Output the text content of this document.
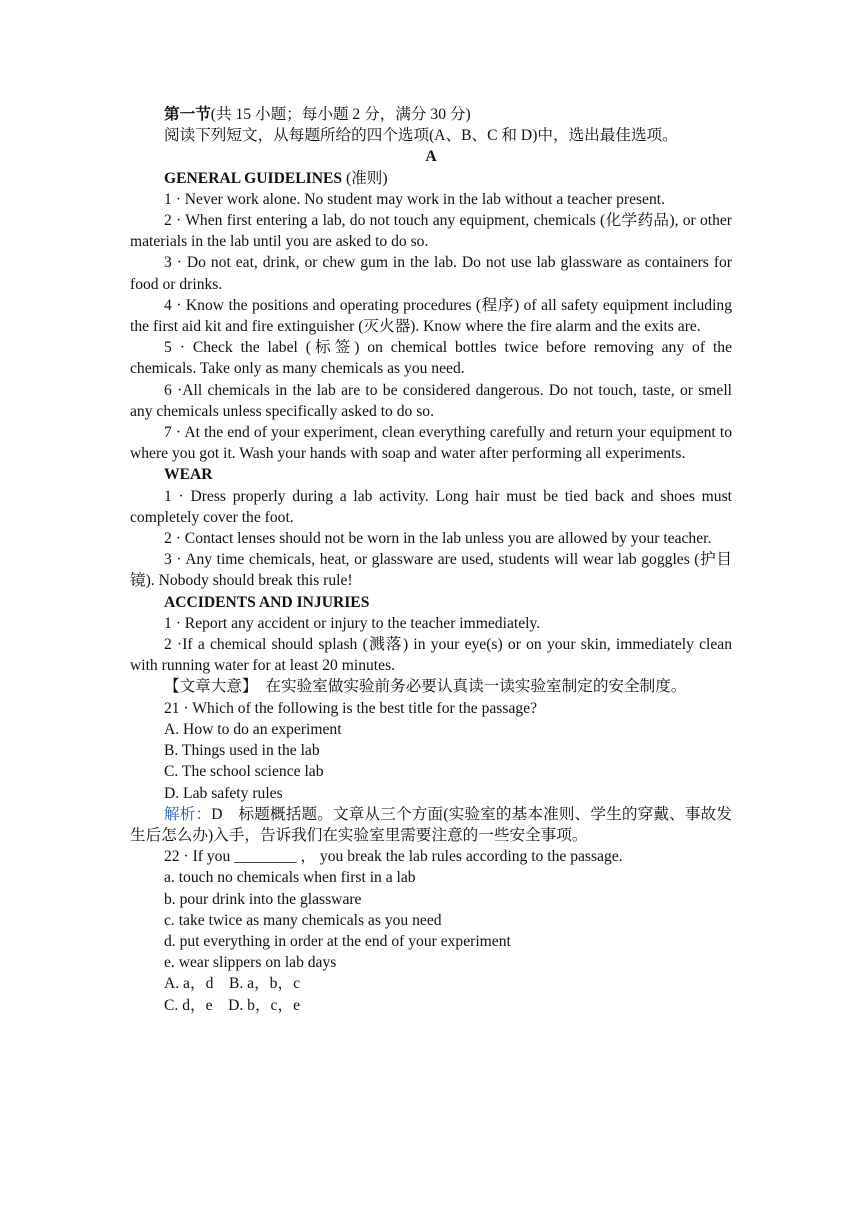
第一节(共 15 小题；每小题 2 分，满分 30 分)
阅读下列短文，从每题所给的四个选项(A、B、C 和 D)中，选出最佳选项。
A
GENERAL GUIDELINES (准则)
1 · Never work alone. No student may work in the lab without a teacher present.
2 · When first entering a lab, do not touch any equipment, chemicals (化学药品), or other materials in the lab until you are asked to do so.
3 · Do not eat, drink, or chew gum in the lab. Do not use lab glassware as containers for food or drinks.
4 · Know the positions and operating procedures (程序) of all safety equipment including the first aid kit and fire extinguisher (灭火器). Know where the fire alarm and the exits are.
5 · Check the label (标签) on chemical bottles twice before removing any of the chemicals. Take only as many chemicals as you need.
6 ·All chemicals in the lab are to be considered dangerous. Do not touch, taste, or smell any chemicals unless specifically asked to do so.
7 · At the end of your experiment, clean everything carefully and return your equipment to where you got it. Wash your hands with soap and water after performing all experiments.
WEAR
1 · Dress properly during a lab activity. Long hair must be tied back and shoes must completely cover the foot.
2 · Contact lenses should not be worn in the lab unless you are allowed by your teacher.
3 · Any time chemicals, heat, or glassware are used, students will wear lab goggles (护目镜). Nobody should break this rule!
ACCIDENTS AND INJURIES
1 · Report any accident or injury to the teacher immediately.
2 ·If a chemical should splash (溅落) in your eye(s) or on your skin, immediately clean with running water for at least 20 minutes.
【文章大意】　在实验室做实验前务必要认真读一读实验室制定的安全制度。
21 · Which of the following is the best title for the passage?
A. How to do an experiment
B. Things used in the lab
C. The school science lab
D. Lab safety rules
解析：D　标题概括题。文章从三个方面(实验室的基本准则、学生的穿戴、事故发生后怎么办)入手，告诉我们在实验室里需要注意的一些安全事项。
22 · If you ________ ， you break the lab rules according to the passage.
a. touch no chemicals when first in a lab
b. pour drink into the glassware
c. take twice as many chemicals as you need
d. put everything in order at the end of your experiment
e. wear slippers on lab days
A. a，d　B. a，b，c
C. d，e　D. b，c，e
